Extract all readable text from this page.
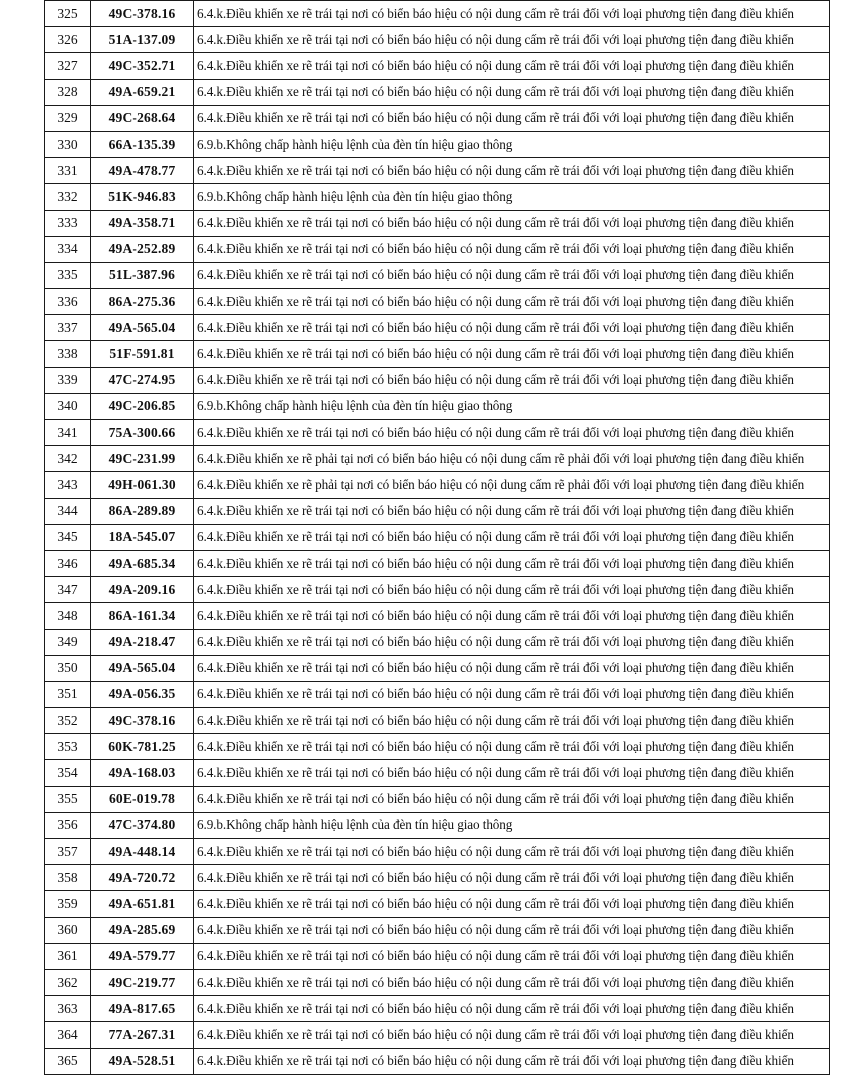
325	49C-378.16	6.4.k.Điều khiển xe rẽ trái tại nơi có biển báo hiệu có nội dung cấm rẽ trái đối với loại phương tiện đang điều khiển
326	51A-137.09	6.4.k.Điều khiển xe rẽ trái tại nơi có biển báo hiệu có nội dung cấm rẽ trái đối với loại phương tiện đang điều khiển
327	49C-352.71	6.4.k.Điều khiển xe rẽ trái tại nơi có biển báo hiệu có nội dung cấm rẽ trái đối với loại phương tiện đang điều khiển
328	49A-659.21	6.4.k.Điều khiển xe rẽ trái tại nơi có biển báo hiệu có nội dung cấm rẽ trái đối với loại phương tiện đang điều khiển
329	49C-268.64	6.4.k.Điều khiển xe rẽ trái tại nơi có biển báo hiệu có nội dung cấm rẽ trái đối với loại phương tiện đang điều khiển
330	66A-135.39	6.9.b.Không chấp hành hiệu lệnh của đèn tín hiệu giao thông
331	49A-478.77	6.4.k.Điều khiển xe rẽ trái tại nơi có biển báo hiệu có nội dung cấm rẽ trái đối với loại phương tiện đang điều khiển
332	51K-946.83	6.9.b.Không chấp hành hiệu lệnh của đèn tín hiệu giao thông
333	49A-358.71	6.4.k.Điều khiển xe rẽ trái tại nơi có biển báo hiệu có nội dung cấm rẽ trái đối với loại phương tiện đang điều khiển
334	49A-252.89	6.4.k.Điều khiển xe rẽ trái tại nơi có biển báo hiệu có nội dung cấm rẽ trái đối với loại phương tiện đang điều khiển
335	51L-387.96	6.4.k.Điều khiển xe rẽ trái tại nơi có biển báo hiệu có nội dung cấm rẽ trái đối với loại phương tiện đang điều khiển
336	86A-275.36	6.4.k.Điều khiển xe rẽ trái tại nơi có biển báo hiệu có nội dung cấm rẽ trái đối với loại phương tiện đang điều khiển
337	49A-565.04	6.4.k.Điều khiển xe rẽ trái tại nơi có biển báo hiệu có nội dung cấm rẽ trái đối với loại phương tiện đang điều khiển
338	51F-591.81	6.4.k.Điều khiển xe rẽ trái tại nơi có biển báo hiệu có nội dung cấm rẽ trái đối với loại phương tiện đang điều khiển
339	47C-274.95	6.4.k.Điều khiển xe rẽ trái tại nơi có biển báo hiệu có nội dung cấm rẽ trái đối với loại phương tiện đang điều khiển
340	49C-206.85	6.9.b.Không chấp hành hiệu lệnh của đèn tín hiệu giao thông
341	75A-300.66	6.4.k.Điều khiển xe rẽ trái tại nơi có biển báo hiệu có nội dung cấm rẽ trái đối với loại phương tiện đang điều khiển
342	49C-231.99	6.4.k.Điều khiển xe rẽ phải tại nơi có biển báo hiệu có nội dung cấm rẽ phải đối với loại phương tiện đang điều khiển
343	49H-061.30	6.4.k.Điều khiển xe rẽ phải tại nơi có biển báo hiệu có nội dung cấm rẽ phải đối với loại phương tiện đang điều khiển
344	86A-289.89	6.4.k.Điều khiển xe rẽ trái tại nơi có biển báo hiệu có nội dung cấm rẽ trái đối với loại phương tiện đang điều khiển
345	18A-545.07	6.4.k.Điều khiển xe rẽ trái tại nơi có biển báo hiệu có nội dung cấm rẽ trái đối với loại phương tiện đang điều khiển
346	49A-685.34	6.4.k.Điều khiển xe rẽ trái tại nơi có biển báo hiệu có nội dung cấm rẽ trái đối với loại phương tiện đang điều khiển
347	49A-209.16	6.4.k.Điều khiển xe rẽ trái tại nơi có biển báo hiệu có nội dung cấm rẽ trái đối với loại phương tiện đang điều khiển
348	86A-161.34	6.4.k.Điều khiển xe rẽ trái tại nơi có biển báo hiệu có nội dung cấm rẽ trái đối với loại phương tiện đang điều khiển
349	49A-218.47	6.4.k.Điều khiển xe rẽ trái tại nơi có biển báo hiệu có nội dung cấm rẽ trái đối với loại phương tiện đang điều khiển
350	49A-565.04	6.4.k.Điều khiển xe rẽ trái tại nơi có biển báo hiệu có nội dung cấm rẽ trái đối với loại phương tiện đang điều khiển
351	49A-056.35	6.4.k.Điều khiển xe rẽ trái tại nơi có biển báo hiệu có nội dung cấm rẽ trái đối với loại phương tiện đang điều khiển
352	49C-378.16	6.4.k.Điều khiển xe rẽ trái tại nơi có biển báo hiệu có nội dung cấm rẽ trái đối với loại phương tiện đang điều khiển
353	60K-781.25	6.4.k.Điều khiển xe rẽ trái tại nơi có biển báo hiệu có nội dung cấm rẽ trái đối với loại phương tiện đang điều khiển
354	49A-168.03	6.4.k.Điều khiển xe rẽ trái tại nơi có biển báo hiệu có nội dung cấm rẽ trái đối với loại phương tiện đang điều khiển
355	60E-019.78	6.4.k.Điều khiển xe rẽ trái tại nơi có biển báo hiệu có nội dung cấm rẽ trái đối với loại phương tiện đang điều khiển
356	47C-374.80	6.9.b.Không chấp hành hiệu lệnh của đèn tín hiệu giao thông
357	49A-448.14	6.4.k.Điều khiển xe rẽ trái tại nơi có biển báo hiệu có nội dung cấm rẽ trái đối với loại phương tiện đang điều khiển
358	49A-720.72	6.4.k.Điều khiển xe rẽ trái tại nơi có biển báo hiệu có nội dung cấm rẽ trái đối với loại phương tiện đang điều khiển
359	49A-651.81	6.4.k.Điều khiển xe rẽ trái tại nơi có biển báo hiệu có nội dung cấm rẽ trái đối với loại phương tiện đang điều khiển
360	49A-285.69	6.4.k.Điều khiển xe rẽ trái tại nơi có biển báo hiệu có nội dung cấm rẽ trái đối với loại phương tiện đang điều khiển
361	49A-579.77	6.4.k.Điều khiển xe rẽ trái tại nơi có biển báo hiệu có nội dung cấm rẽ trái đối với loại phương tiện đang điều khiển
362	49C-219.77	6.4.k.Điều khiển xe rẽ trái tại nơi có biển báo hiệu có nội dung cấm rẽ trái đối với loại phương tiện đang điều khiển
363	49A-817.65	6.4.k.Điều khiển xe rẽ trái tại nơi có biển báo hiệu có nội dung cấm rẽ trái đối với loại phương tiện đang điều khiển
364	77A-267.31	6.4.k.Điều khiển xe rẽ trái tại nơi có biển báo hiệu có nội dung cấm rẽ trái đối với loại phương tiện đang điều khiển
365	49A-528.51	6.4.k.Điều khiển xe rẽ trái tại nơi có biển báo hiệu có nội dung cấm rẽ trái đối với loại phương tiện đang điều khiển
